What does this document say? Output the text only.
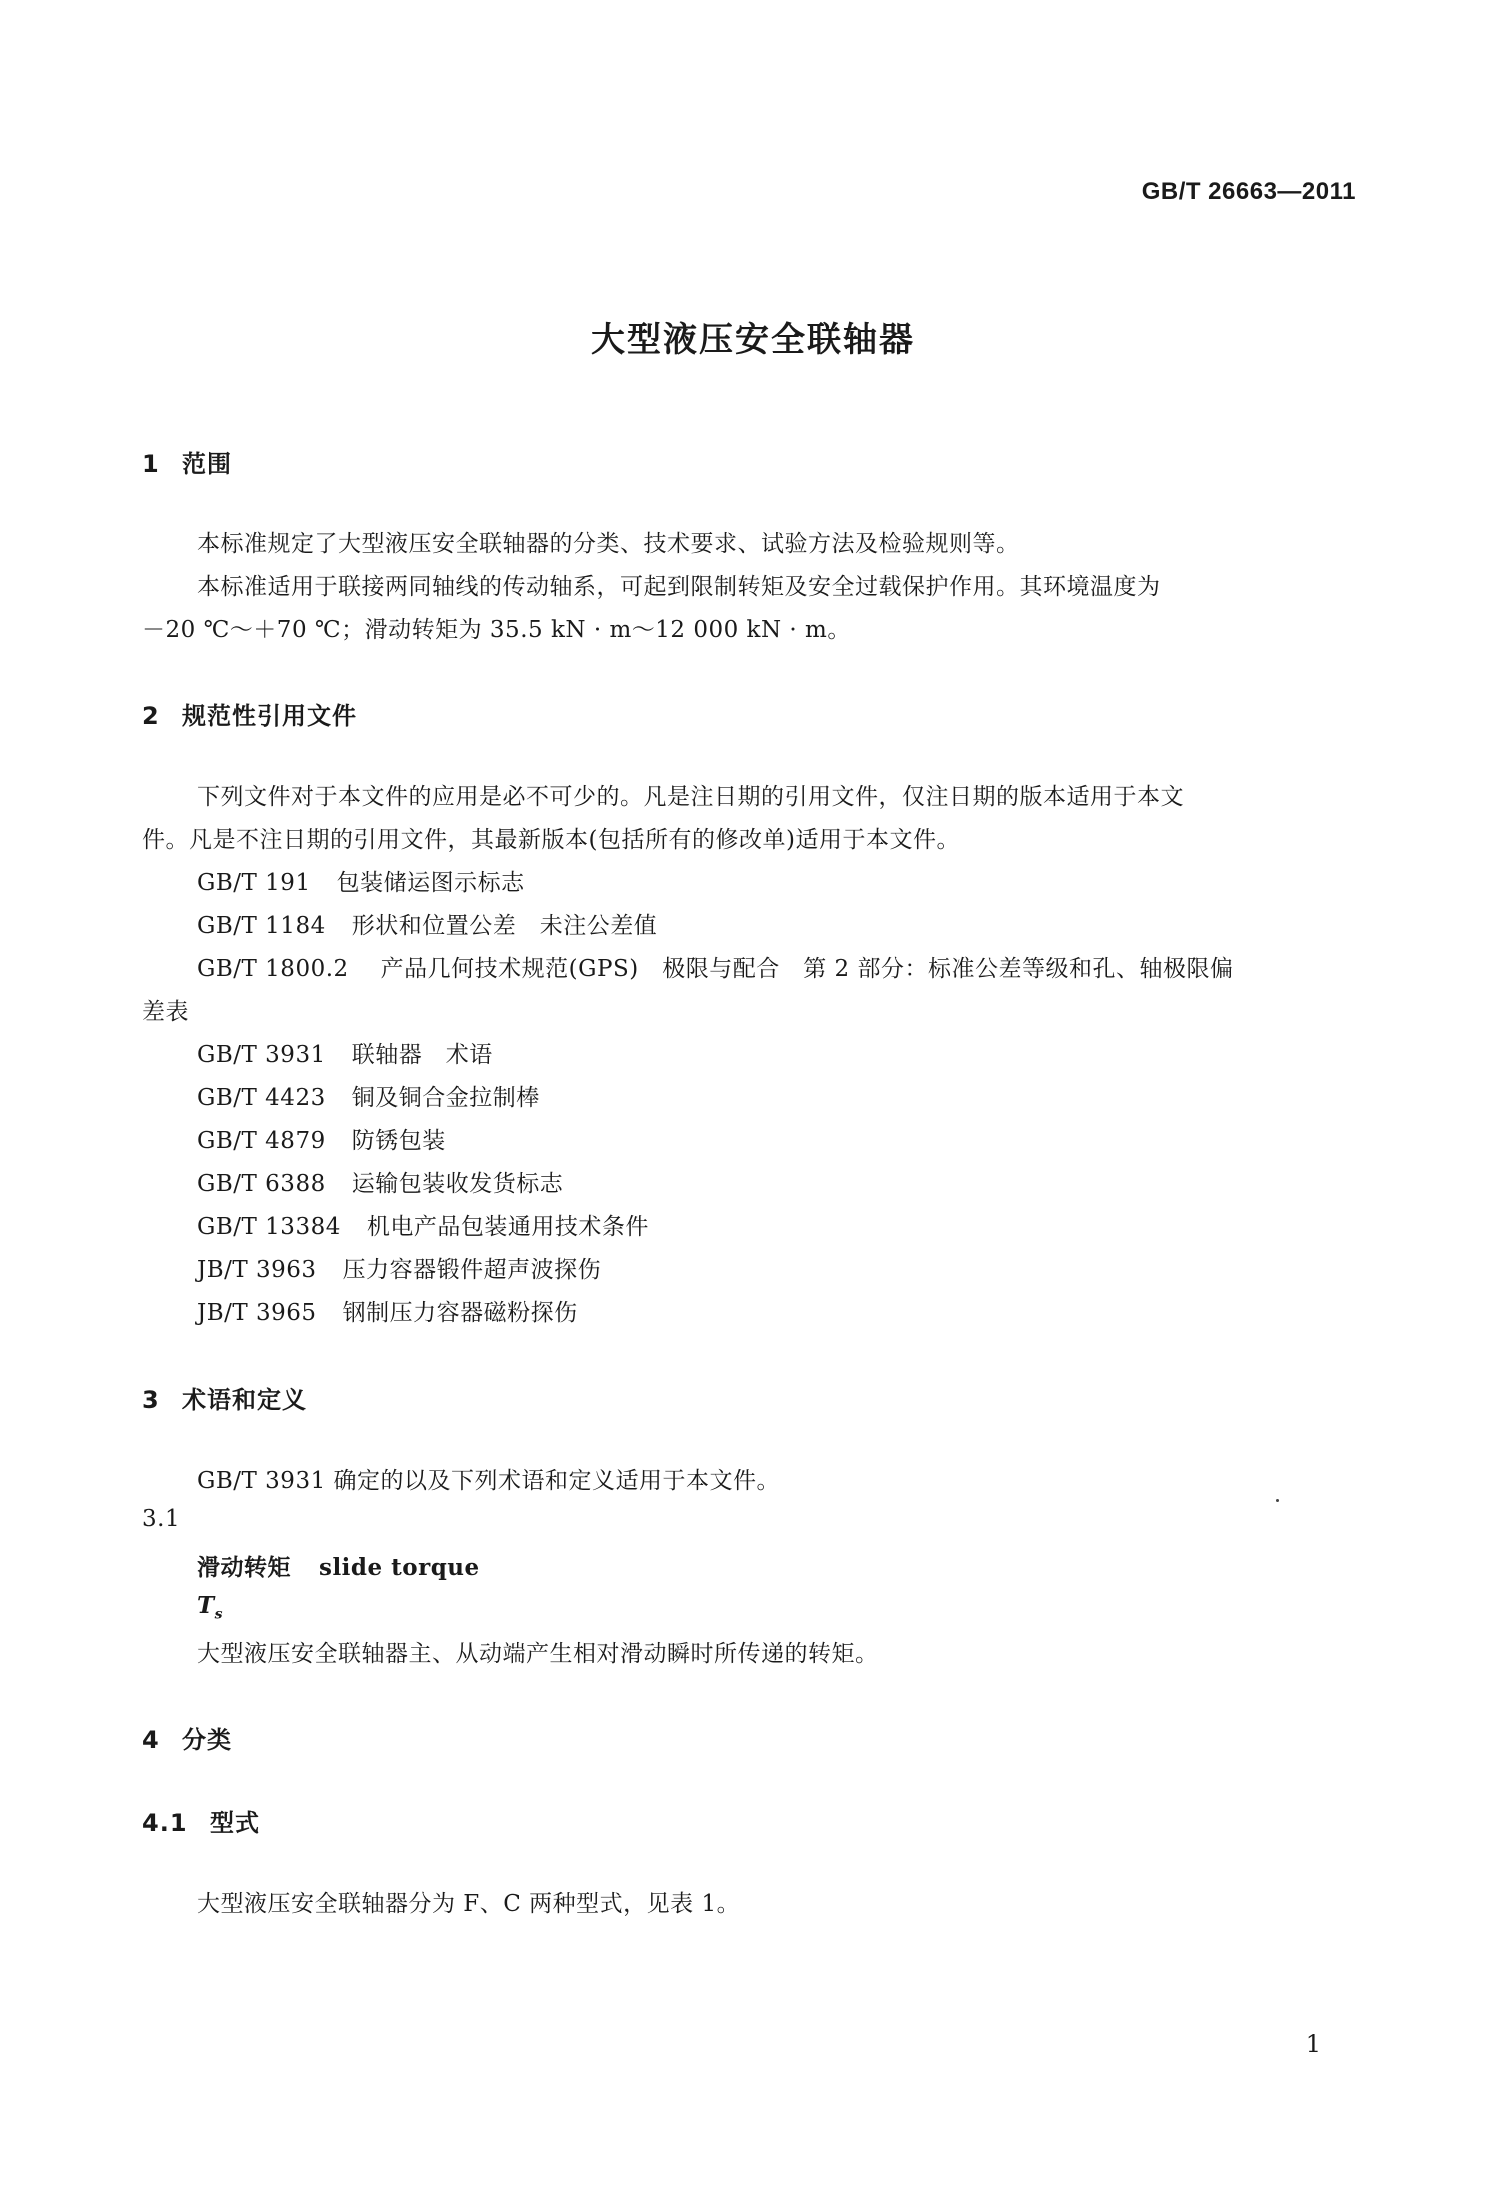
GB/T 26663—2011
大型液压安全联轴器
1 范围
本标准规定了大型液压安全联轴器的分类、技术要求、试验方法及检验规则等。
本标准适用于联接两同轴线的传动轴系，可起到限制转矩及安全过载保护作用。其环境温度为
－20 ℃～＋70 ℃；滑动转矩为 35.5 kN · m～12 000 kN · m。
2 规范性引用文件
下列文件对于本文件的应用是必不可少的。凡是注日期的引用文件，仅注日期的版本适用于本文
件。凡是不注日期的引用文件，其最新版本(包括所有的修改单)适用于本文件。
GB/T 191 包装储运图示标志
GB/T 1184 形状和位置公差　未注公差值
GB/T 1800.2 产品几何技术规范(GPS)　极限与配合　第 2 部分：标准公差等级和孔、轴极限偏
差表
GB/T 3931 联轴器　术语
GB/T 4423 铜及铜合金拉制棒
GB/T 4879 防锈包装
GB/T 6388 运输包装收发货标志
GB/T 13384 机电产品包装通用技术条件
JB/T 3963 压力容器锻件超声波探伤
JB/T 3965 钢制压力容器磁粉探伤
3 术语和定义
GB/T 3931 确定的以及下列术语和定义适用于本文件。
3.1
滑动转矩 slide torque
$T_s$
大型液压安全联轴器主、从动端产生相对滑动瞬时所传递的转矩。
4 分类
4.1 型式
大型液压安全联轴器分为 F、C 两种型式，见表 1。
1
